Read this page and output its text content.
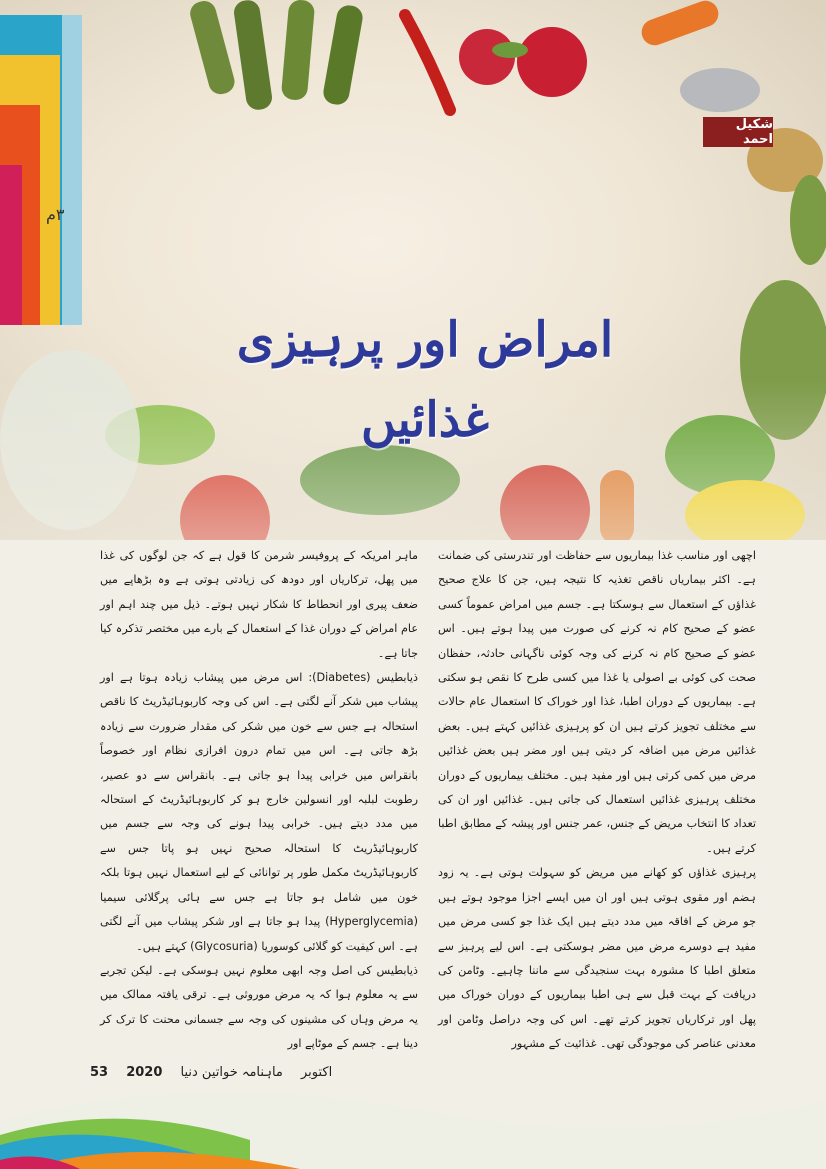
شکیل احمد
۳م
امراض اور پرہیزی غذائیں

اچھی اور مناسب غذا بیماریوں سے حفاظت اور تندرستی کی ضمانت ہے۔ اکثر بیماریاں ناقص تغذیہ کا نتیجہ ہیں، جن کا علاج صحیح غذاؤں کے استعمال سے ہوسکتا ہے۔ جسم میں امراض عموماً کسی عضو کے صحیح کام نہ کرنے کی صورت میں پیدا ہوتے ہیں۔ اس عضو کے صحیح کام نہ کرنے کی وجہ کوئی ناگہانی حادثہ، حفظان صحت کی کوئی بے اصولی یا غذا میں کسی طرح کا نقص ہو سکتی ہے۔ بیماریوں کے دوران اطبا، غذا اور خوراک کا استعمال عام حالات سے مختلف تجویز کرتے ہیں ان کو پرہیزی غذائیں کہتے ہیں۔ بعض غذائیں مرض میں اضافہ کر دیتی ہیں اور مضر ہیں بعض غذائیں مرض میں کمی کرتی ہیں اور مفید ہیں۔ مختلف بیماریوں کے دوران مختلف پرہیزی غذائیں استعمال کی جاتی ہیں۔ غذائیں اور ان کی تعداد کا انتخاب مریض کے جنس، عمر جنس اور پیشہ کے مطابق اطبا کرتے ہیں۔

پرہیزی غذاؤں کو کھانے میں مریض کو سہولت ہوتی ہے۔ یہ زود ہضم اور مقوی ہوتی ہیں اور ان میں ایسے اجزا موجود ہوتے ہیں جو مرض کے افاقہ میں مدد دیتے ہیں ایک غذا جو کسی مرض میں مفید ہے دوسرے مرض میں مضر ہوسکتی ہے۔ اس لیے پرہیز سے متعلق اطبا کا مشورہ بہت سنجیدگی سے ماننا چاہیے۔ وٹامن کی دریافت کے بہت قبل سے ہی اطبا بیماریوں کے دوران خوراک میں پھل اور ترکاریاں تجویز کرتے تھے۔ اس کی وجہ دراصل وٹامن اور معدنی عناصر کی موجودگی تھی۔ غذائیت کے مشہور

ماہر امریکہ کے پروفیسر شرمن کا قول ہے کہ جن لوگوں کی غذا میں پھل، ترکاریاں اور دودھ کی زیادتی ہوتی ہے وہ بڑھاپے میں ضعف پیری اور انحطاط کا شکار نہیں ہوتے۔ ذیل میں چند اہم اور عام امراض کے دوران غذا کے استعمال کے بارے میں مختصر تذکرہ کیا جاتا ہے۔

ذیابطیس (Diabetes): اس مرض میں پیشاب زیادہ ہوتا ہے اور پیشاب میں شکر آنے لگتی ہے۔ اس کی وجہ کاربوہائیڈریٹ کا ناقص استحالہ ہے جس سے خون میں شکر کی مقدار ضرورت سے زیادہ بڑھ جاتی ہے۔ اس میں تمام درون افرازی نظام اور خصوصاً بانقراس میں خرابی پیدا ہو جاتی ہے۔ بانقراس سے دو عصیر، رطوبت لبلبہ اور انسولین خارج ہو کر کاربوہائیڈریٹ کے استحالہ میں مدد دیتے ہیں۔ خرابی پیدا ہونے کی وجہ سے جسم میں کاربوہائیڈریٹ کا استحالہ صحیح نہیں ہو پاتا جس سے کاربوہائیڈریٹ مکمل طور پر توانائی کے لیے استعمال نہیں ہوتا بلکہ خون میں شامل ہو جاتا ہے جس سے ہائی پرگلائی سیمیا (Hyperglycemia) پیدا ہو جاتا ہے اور شکر پیشاب میں آنے لگتی ہے۔ اس کیفیت کو گلائی کوسوریا (Glycosuria) کہتے ہیں۔

ذیابطیس کی اصل وجہ ابھی معلوم نہیں ہوسکی ہے۔ لیکن تجربے سے یہ معلوم ہوا کہ یہ مرض موروثی ہے۔ ترقی یافتہ ممالک میں یہ مرض وہاں کی مشینوں کی وجہ سے جسمانی محنت کا ترک کر دینا ہے۔ جسم کے موٹاپے اور

53 2020	اکتوبر    ماہنامہ خواتین دنیا
